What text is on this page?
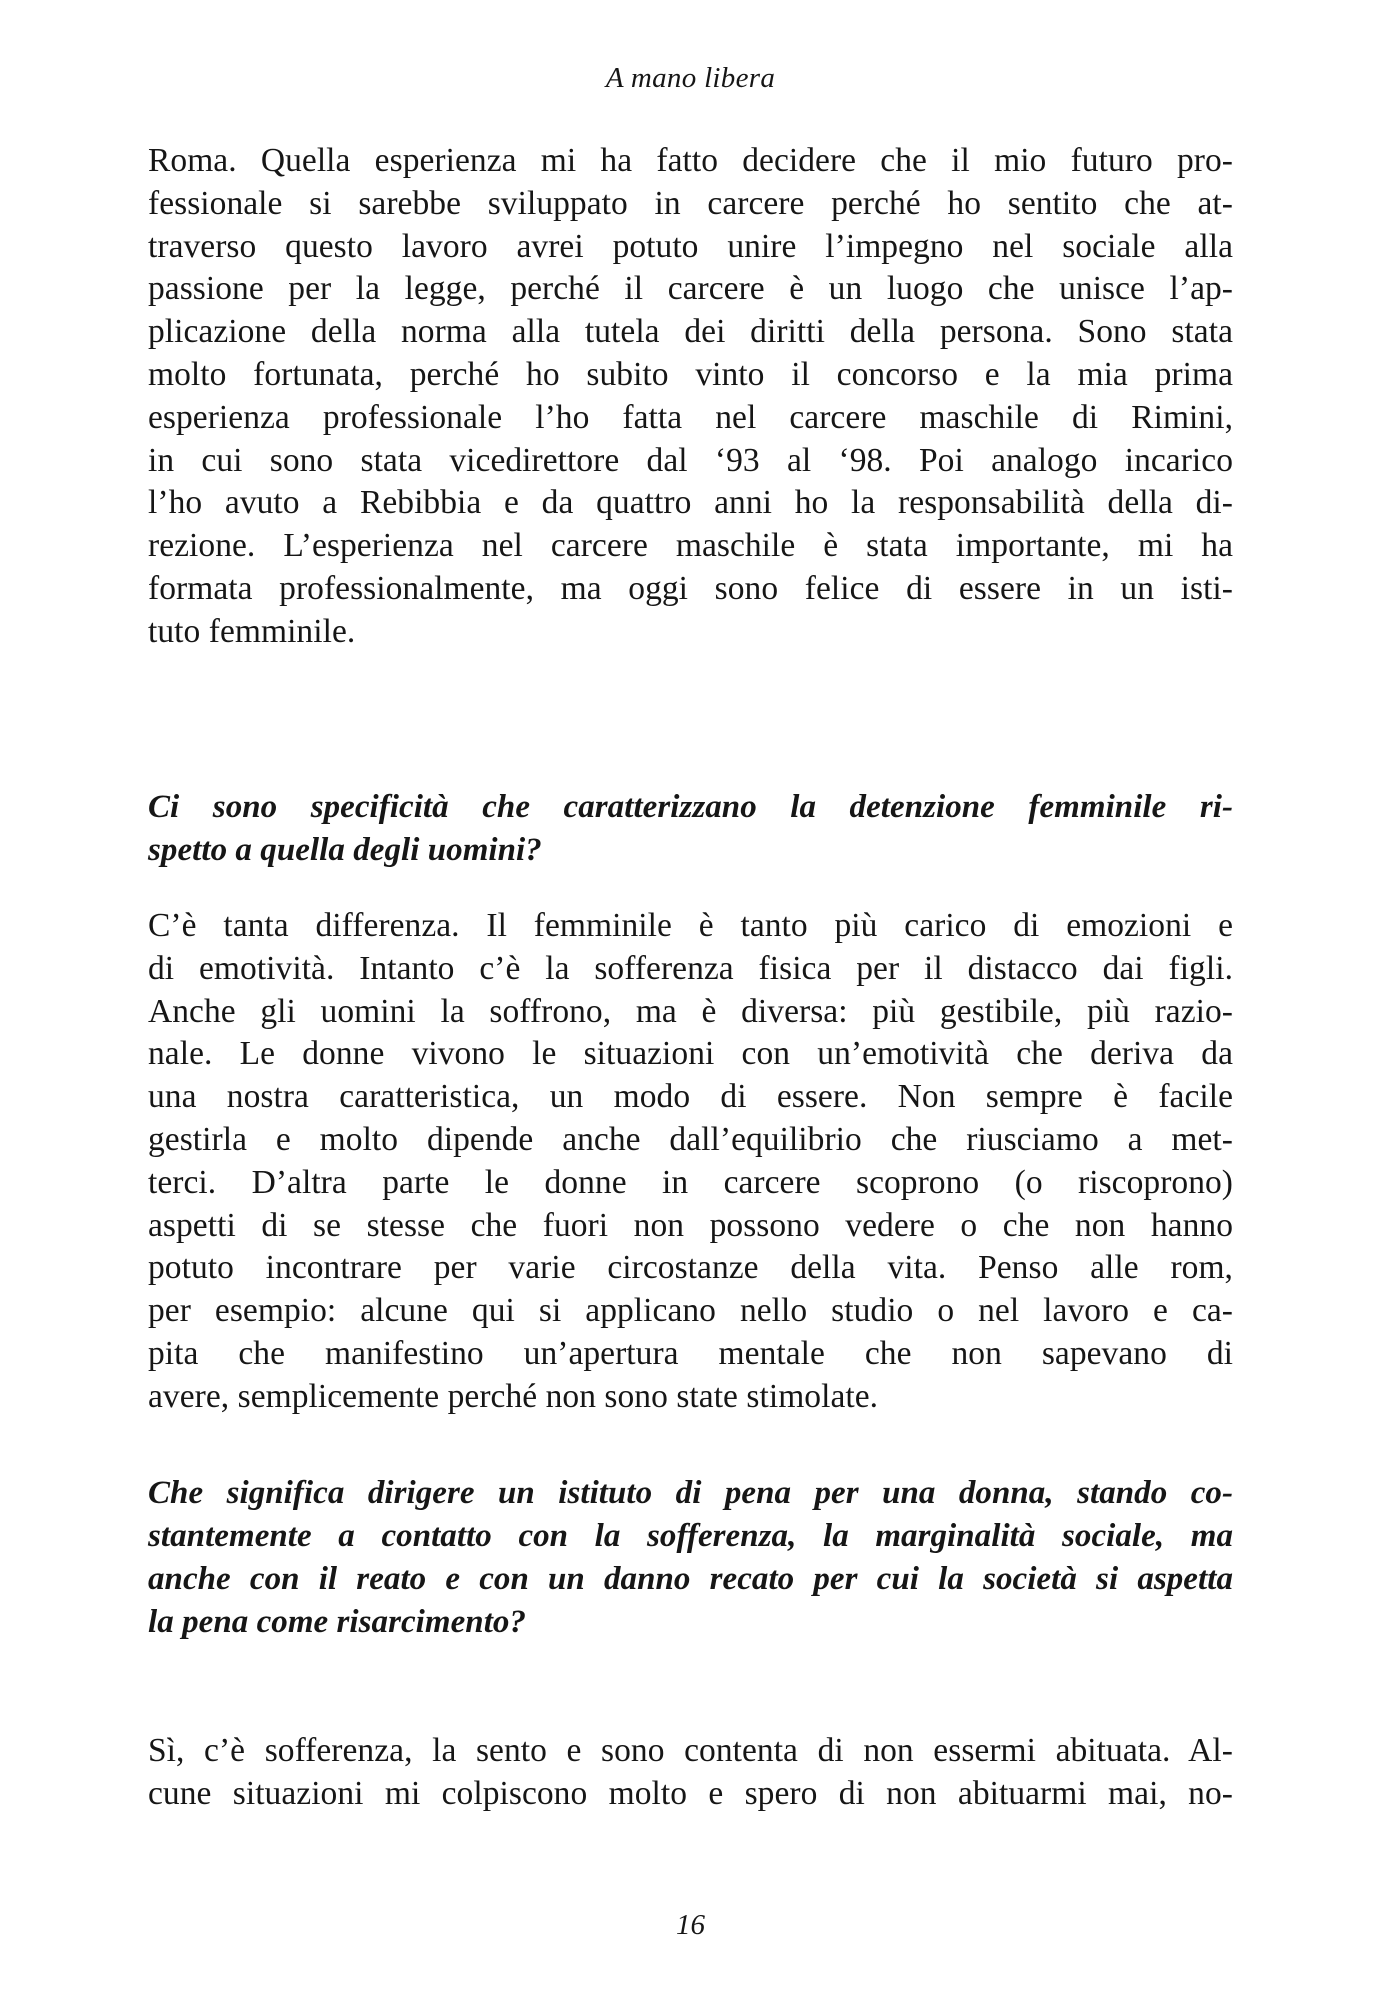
A mano libera

Roma. Quella esperienza mi ha fatto decidere che il mio futuro pro-
fessionale si sarebbe sviluppato in carcere perché ho sentito che at-
traverso questo lavoro avrei potuto unire l’impegno nel sociale alla
passione per la legge, perché il carcere è un luogo che unisce l’ap-
plicazione della norma alla tutela dei diritti della persona. Sono stata
molto fortunata, perché ho subito vinto il concorso e la mia prima
esperienza professionale l’ho fatta nel carcere maschile di Rimini,
in cui sono stata vicedirettore dal ‘93 al ‘98. Poi analogo incarico
l’ho avuto a Rebibbia e da quattro anni ho la responsabilità della di-
rezione. L’esperienza nel carcere maschile è stata importante, mi ha
formata professionalmente, ma oggi sono felice di essere in un isti-
tuto femminile.

Ci sono specificità che caratterizzano la detenzione femminile ri-
spetto a quella degli uomini?

C’è tanta differenza. Il femminile è tanto più carico di emozioni e
di emotività. Intanto c’è la sofferenza fisica per il distacco dai figli.
Anche gli uomini la soffrono, ma è diversa: più gestibile, più razio-
nale. Le donne vivono le situazioni con un’emotività che deriva da
una nostra caratteristica, un modo di essere. Non sempre è facile
gestirla e molto dipende anche dall’equilibrio che riusciamo a met-
terci. D’altra parte le donne in carcere scoprono (o riscoprono)
aspetti di se stesse che fuori non possono vedere o che non hanno
potuto incontrare per varie circostanze della vita. Penso alle rom,
per esempio: alcune qui si applicano nello studio o nel lavoro e ca-
pita che manifestino un’apertura mentale che non sapevano di
avere, semplicemente perché non sono state stimolate.

Che significa dirigere un istituto di pena per una donna, stando co-
stantemente a contatto con la sofferenza, la marginalità sociale, ma
anche con il reato e con un danno recato per cui la società si aspetta
la pena come risarcimento?

Sì, c’è sofferenza, la sento e sono contenta di non essermi abituata. Al-
cune situazioni mi colpiscono molto e spero di non abituarmi mai, no-

16
